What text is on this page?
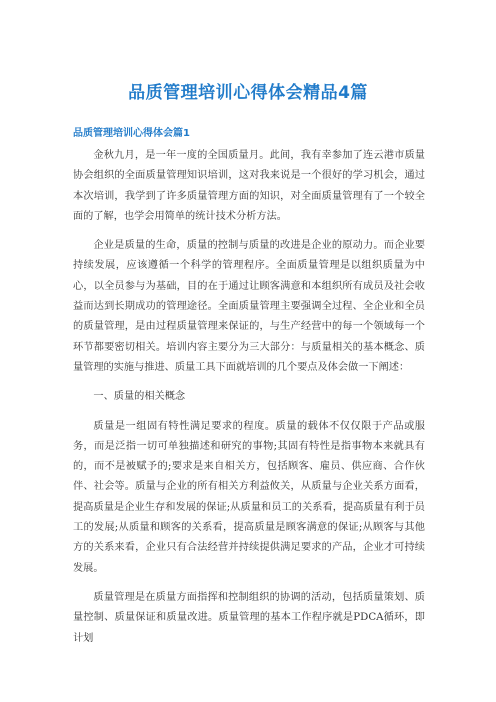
品质管理培训心得体会精品4篇
品质管理培训心得体会篇1

金秋九月，是一年一度的全国质量月。此间，我有幸参加了连云港市质量协会组织的全面质量管理知识培训，这对我来说是一个很好的学习机会，通过本次培训，我学到了许多质量管理方面的知识，对全面质量管理有了一个较全面的了解，也学会用简单的统计技术分析方法。

企业是质量的生命，质量的控制与质量的改进是企业的原动力。而企业要持续发展，应该遵循一个科学的管理程序。全面质量管理是以组织质量为中心，以全员参与为基础，目的在于通过让顾客满意和本组织所有成员及社会收益而达到长期成功的管理途径。全面质量管理主要强调全过程、全企业和全员的质量管理，是由过程质量管理来保证的，与生产经营中的每一个领域每一个环节都要密切相关。培训内容主要分为三大部分：与质量相关的基本概念、质量管理的实施与推进、质量工具下面就培训的几个要点及体会做一下阐述：

一、质量的相关概念

质量是一组固有特性满足要求的程度。质量的载体不仅仅限于产品或服务，而是泛指一切可单独描述和研究的事物;其固有特性是指事物本来就具有的，而不是被赋予的;要求是来自相关方，包括顾客、雇员、供应商、合作伙伴、社会等。质量与企业的所有相关方利益攸关，从质量与企业关系方面看，提高质量是企业生存和发展的保证;从质量和员工的关系看，提高质量有利于员工的发展;从质量和顾客的关系看，提高质量是顾客满意的保证;从顾客与其他方的关系来看，企业只有合法经营并持续提供满足要求的产品，企业才可持续发展。

质量管理是在质量方面指挥和控制组织的协调的活动，包括质量策划、质量控制、质量保证和质量改进。质量管理的基本工作程序就是PDCA循环，即计划
